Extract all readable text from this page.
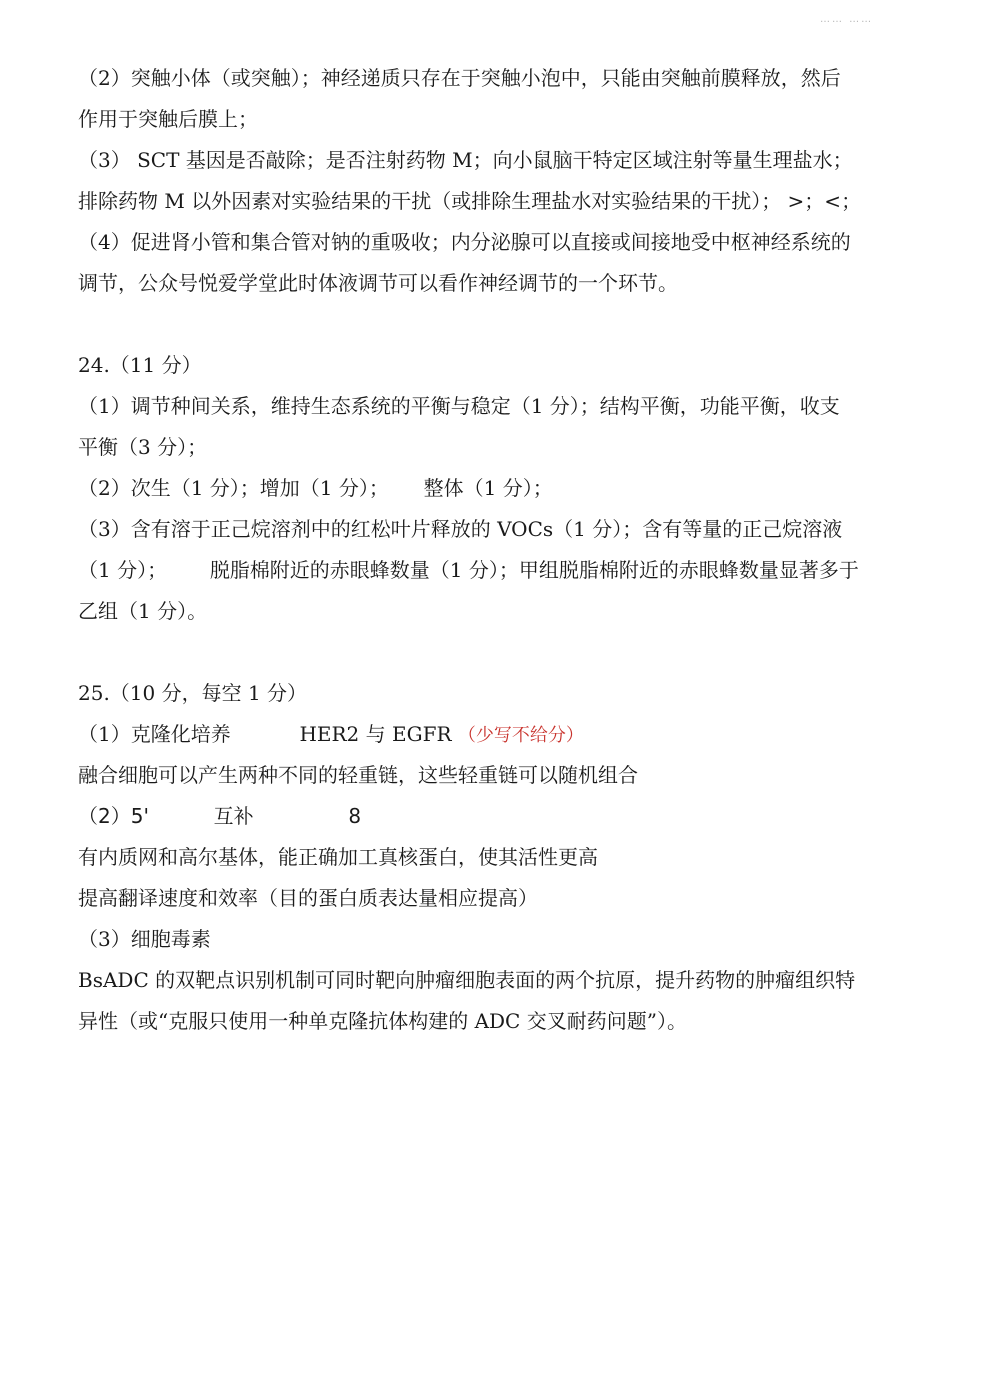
…… ……
（2）突触小体（或突触）；神经递质只存在于突触小泡中，只能由突触前膜释放，然后
作用于突触后膜上；
（3） SCT 基因是否敲除；是否注射药物 M；向小鼠脑干特定区域注射等量生理盐水；
排除药物 M 以外因素对实验结果的干扰（或排除生理盐水对实验结果的干扰）； >；<；
（4）促进肾小管和集合管对钠的重吸收；内分泌腺可以直接或间接地受中枢神经系统的
调节，公众号悦爱学堂此时体液调节可以看作神经调节的一个环节。
24.（11 分）
（1）调节种间关系，维持生态系统的平衡与稳定（1 分）；结构平衡，功能平衡，收支
平衡（3 分）；
（2）次生（1 分）；增加（1 分）； 整体（1 分）；
（3）含有溶于正己烷溶剂中的红松叶片释放的 VOCs（1 分）；含有等量的正己烷溶液
（1 分）； 脱脂棉附近的赤眼蜂数量（1 分）；甲组脱脂棉附近的赤眼蜂数量显著多于
乙组（1 分）。
25.（10 分，每空 1 分）
（1）克隆化培养	HER2 与 EGFR （少写不给分）
融合细胞可以产生两种不同的轻重链，这些轻重链可以随机组合
（2）5'	互补	8
有内质网和高尔基体，能正确加工真核蛋白，使其活性更高
提高翻译速度和效率（目的蛋白质表达量相应提高）
（3）细胞毒素
BsADC 的双靶点识别机制可同时靶向肿瘤细胞表面的两个抗原，提升药物的肿瘤组织特
异性（或“克服只使用一种单克隆抗体构建的 ADC 交叉耐药问题”）。
